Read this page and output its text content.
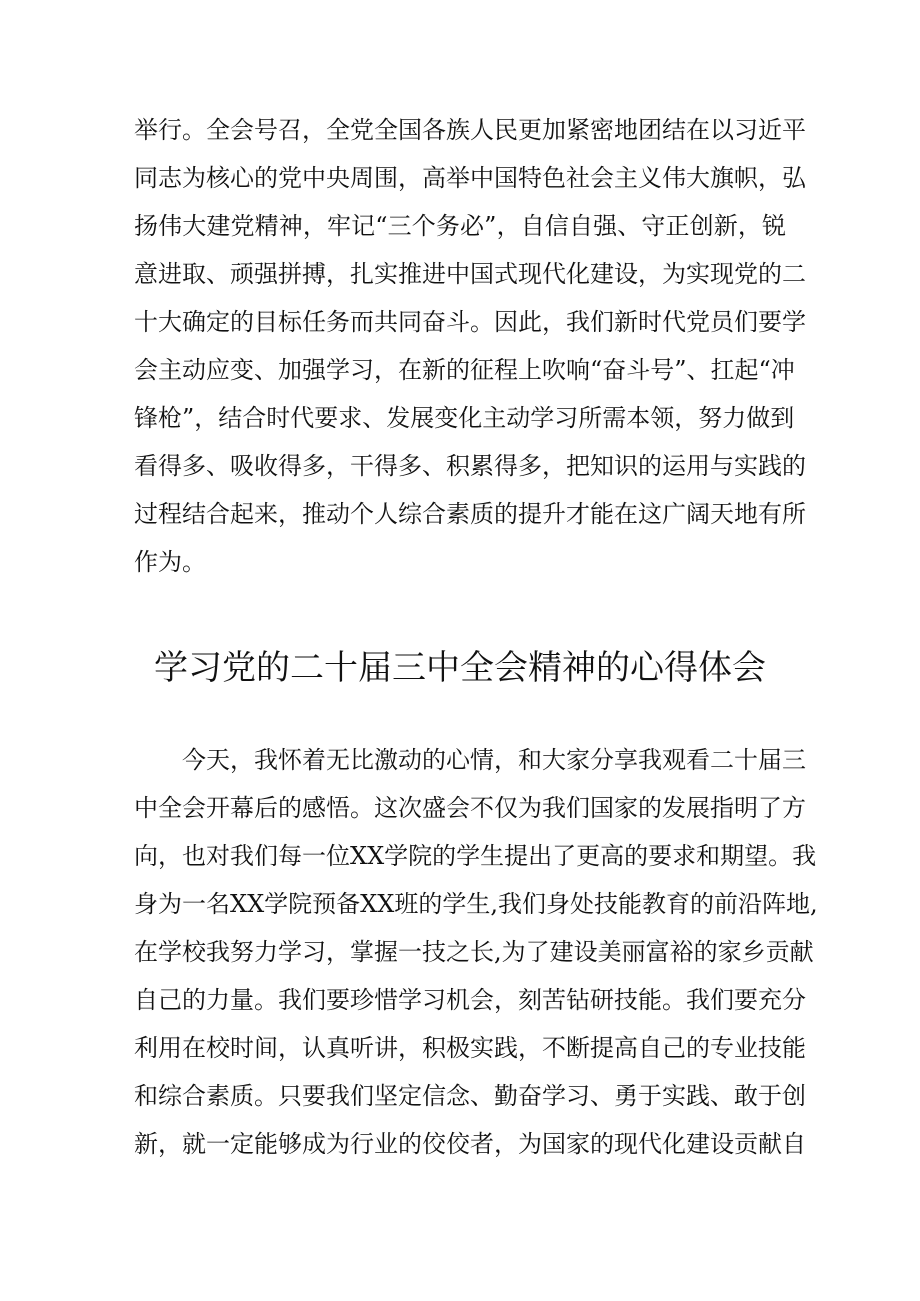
举行。全会号召，全党全国各族人民更加紧密地团结在以习近平
同志为核心的党中央周围，高举中国特色社会主义伟大旗帜，弘
扬伟大建党精神，牢记“三个务必”，自信自强、守正创新，锐
意进取、顽强拼搏，扎实推进中国式现代化建设，为实现党的二
十大确定的目标任务而共同奋斗。因此，我们新时代党员们要学
会主动应变、加强学习，在新的征程上吹响“奋斗号”、扛起“冲
锋枪”，结合时代要求、发展变化主动学习所需本领，努力做到
看得多、吸收得多，干得多、积累得多，把知识的运用与实践的
过程结合起来，推动个人综合素质的提升才能在这广阔天地有所
作为。
学习党的二十届三中全会精神的心得体会
　　今天，我怀着无比激动的心情，和大家分享我观看二十届三
中全会开幕后的感悟。这次盛会不仅为我们国家的发展指明了方
向，也对我们每一位XX学院的学生提出了更高的要求和期望。我
身为一名XX学院预备XX班的学生,我们身处技能教育的前沿阵地,
在学校我努力学习，掌握一技之长,为了建设美丽富裕的家乡贡献
自己的力量。我们要珍惜学习机会，刻苦钻研技能。我们要充分
利用在校时间，认真听讲，积极实践，不断提高自己的专业技能
和综合素质。只要我们坚定信念、勤奋学习、勇于实践、敢于创
新，就一定能够成为行业的佼佼者，为国家的现代化建设贡献自
